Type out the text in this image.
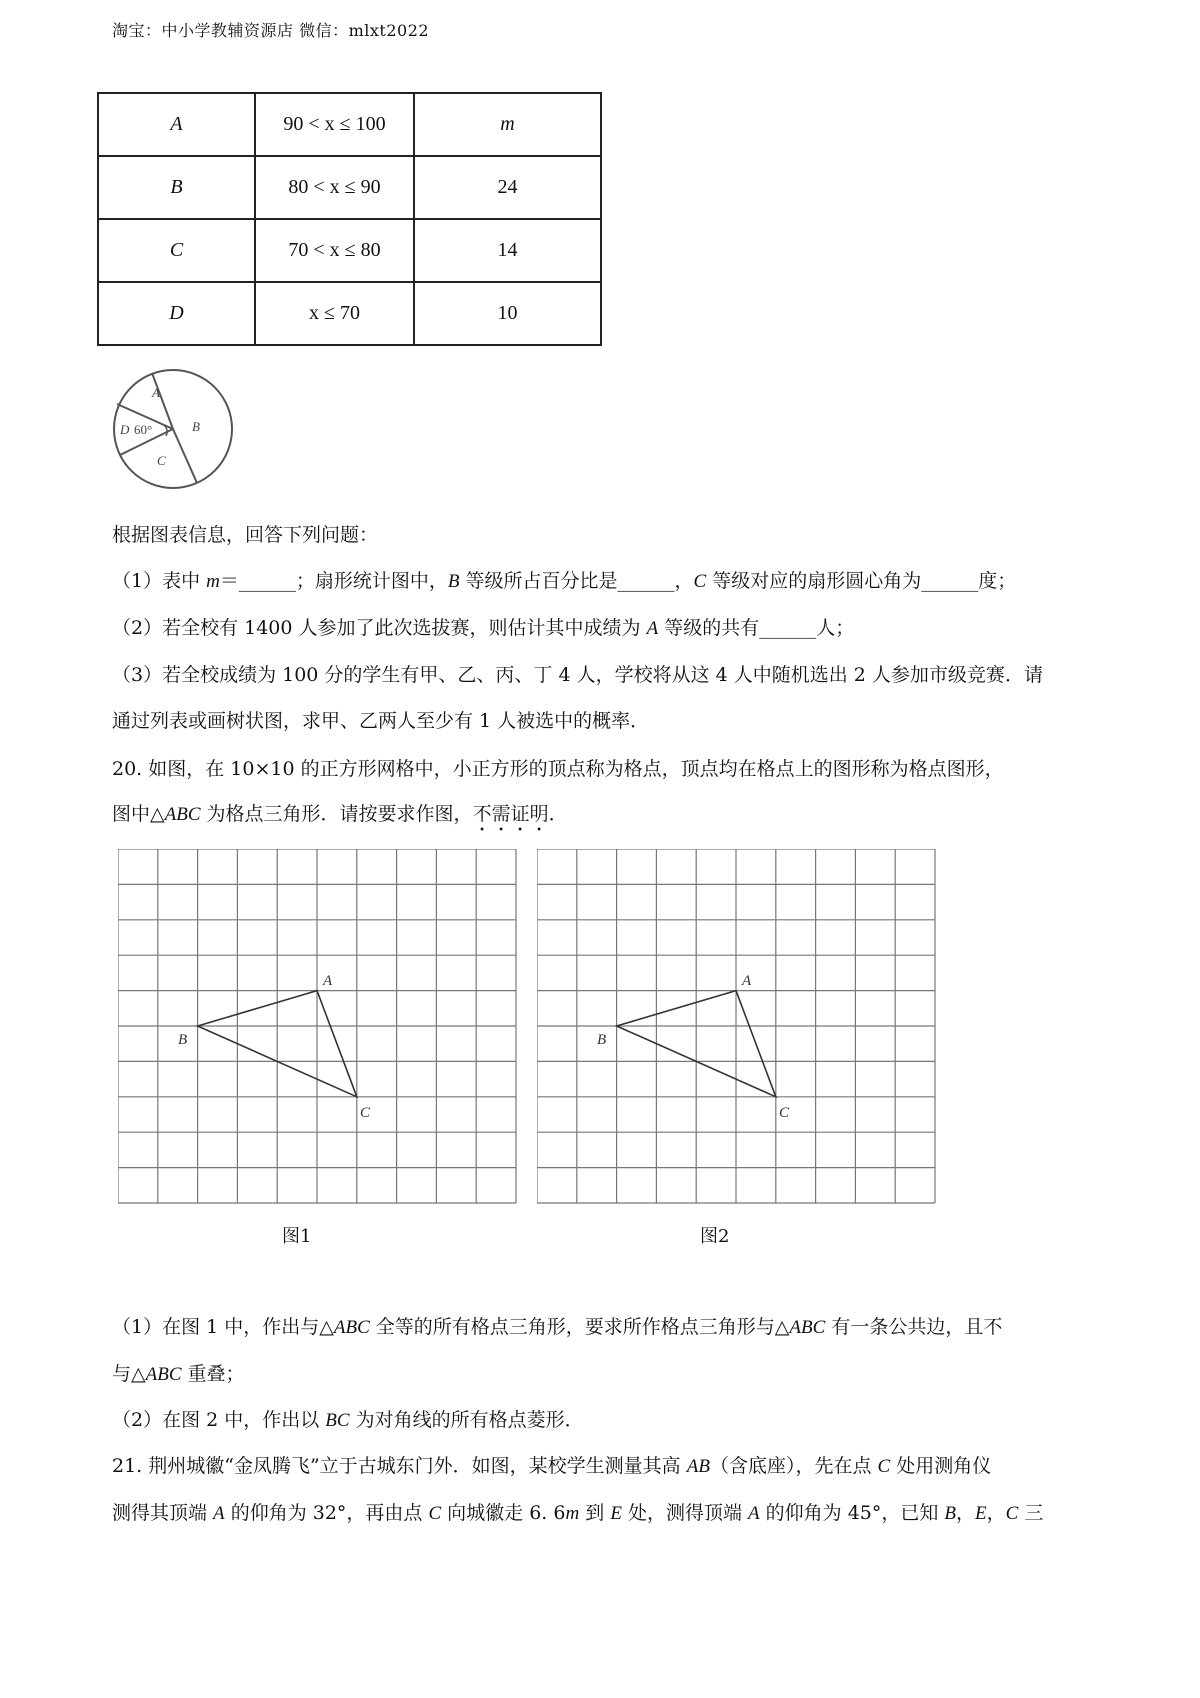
淘宝：中小学教辅资源店 微信：mlxt2022
A	90 < x ≤ 100	m
B	80 < x ≤ 90	24
C	70 < x ≤ 80	14
D	x ≤ 70	10
A
B
C
D 60°
根据图表信息，回答下列问题：
（1）表中 m＝______；扇形统计图中，B 等级所占百分比是______，C 等级对应的扇形圆心角为______度；
（2）若全校有 1400 人参加了此次选拔赛，则估计其中成绩为 A 等级的共有______人；
（3）若全校成绩为 100 分的学生有甲、乙、丙、丁 4 人，学校将从这 4 人中随机选出 2 人参加市级竞赛．请
通过列表或画树状图，求甲、乙两人至少有 1 人被选中的概率．
20. 如图，在 10×10 的正方形网格中，小正方形的顶点称为格点，顶点均在格点上的图形称为格点图形，
图中△ABC 为格点三角形．请按要求作图，不需证明．
A
B
C
图1
A
B
C
图2
（1）在图 1 中，作出与△ABC 全等的所有格点三角形，要求所作格点三角形与△ABC 有一条公共边，且不
与△ABC 重叠；
（2）在图 2 中，作出以 BC 为对角线的所有格点菱形．
21. 荆州城徽“金凤腾飞”立于古城东门外．如图，某校学生测量其高 AB（含底座），先在点 C 处用测角仪
测得其顶端 A 的仰角为 32°，再由点 C 向城徽走 6. 6m 到 E 处，测得顶端 A 的仰角为 45°，已知 B，E，C 三
